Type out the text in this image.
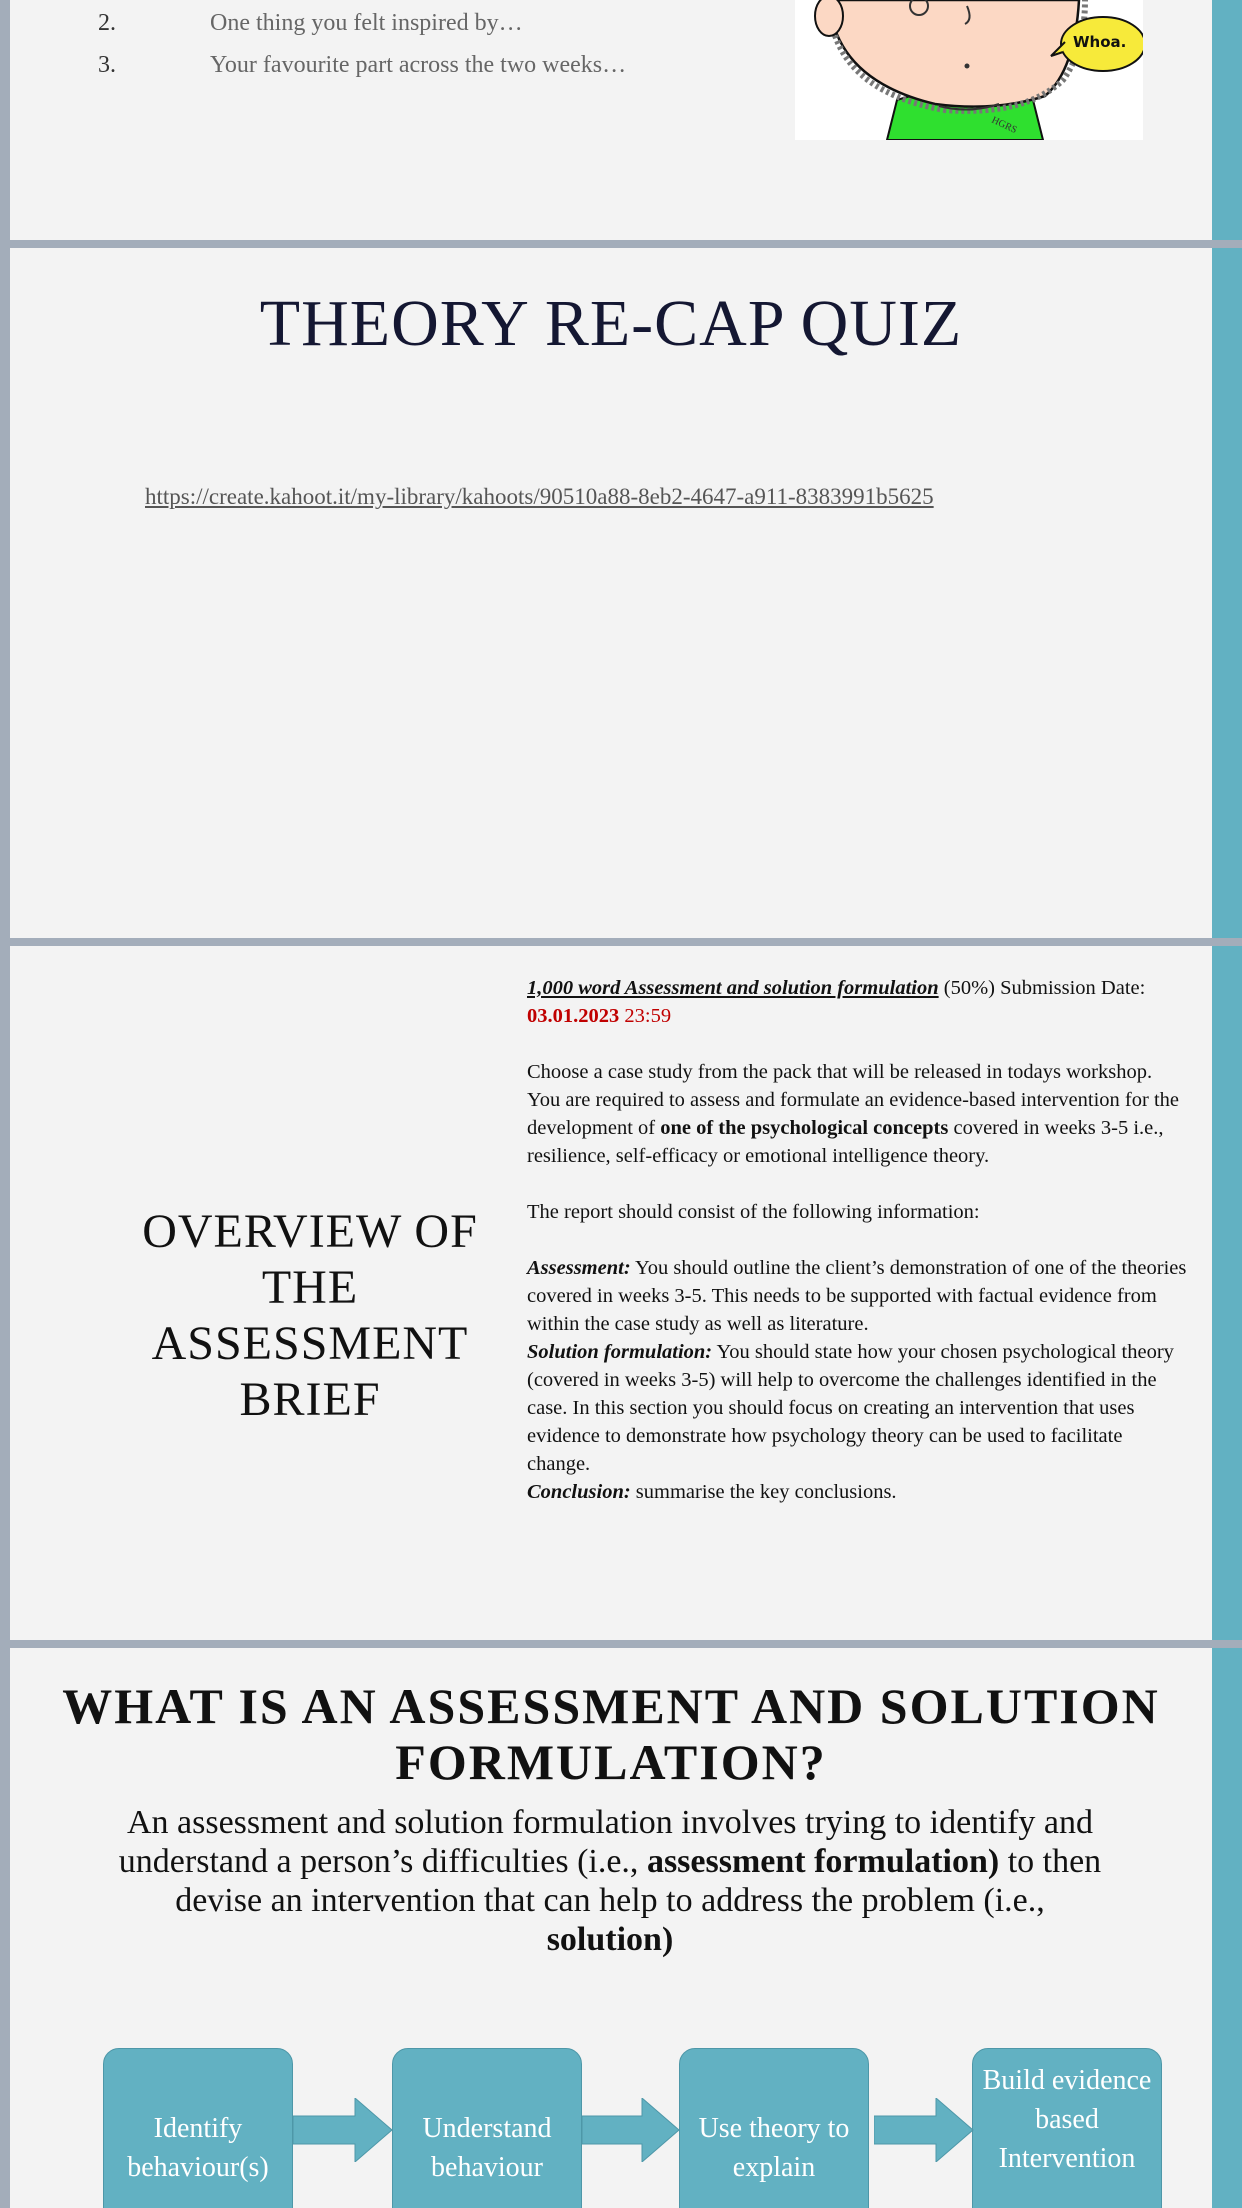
2.	One thing you felt inspired by…
3.	Your favourite part across the two weeks…
HGRS
Whoa.
THEORY RE-CAP QUIZ
https://create.kahoot.it/my-library/kahoots/90510a88-8eb2-4647-a911-8383991b5625
OVERVIEW OF THE ASSESSMENT BRIEF

1,000 word Assessment and solution formulation (50%) Submission Date: 03.01.2023 23:59

Choose a case study from the pack that will be released in todays workshop. You are required to assess and formulate an evidence-based intervention for the development of one of the psychological concepts covered in weeks 3-5 i.e., resilience, self-efficacy or emotional intelligence theory.

The report should consist of the following information:

Assessment: You should outline the client’s demonstration of one of the theories covered in weeks 3-5. This needs to be supported with factual evidence from within the case study as well as literature.

Solution formulation: You should state how your chosen psychological theory (covered in weeks 3-5) will help to overcome the challenges identified in the case. In this section you should focus on creating an intervention that uses evidence to demonstrate how psychology theory can be used to facilitate change.

Conclusion: summarise the key conclusions.

WHAT IS AN ASSESSMENT AND SOLUTION FORMULATION?
An assessment and solution formulation involves trying to identify and understand a person’s difficulties (i.e., assessment formulation) to then devise an intervention that can help to address the problem (i.e., solution)
Identify behaviour(s)
Understand behaviour
Use theory to explain
Build evidence based Intervention
